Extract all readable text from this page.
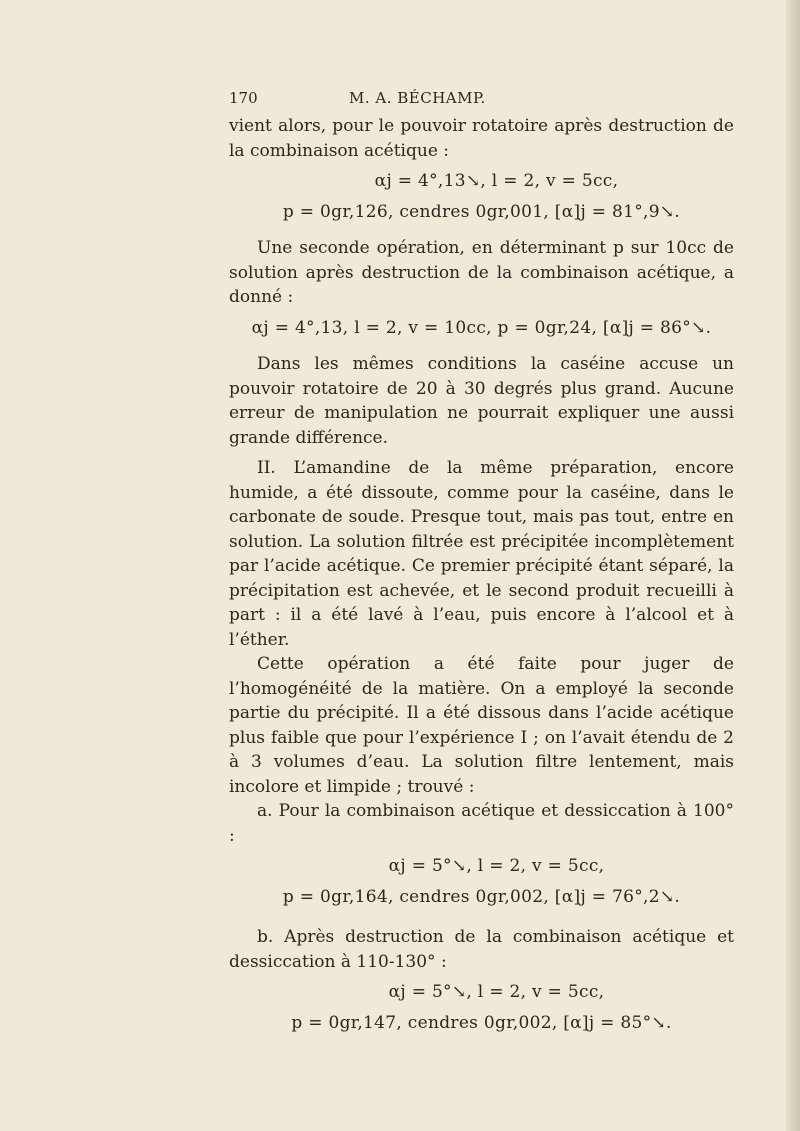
170	M. A. BÉCHAMP.

vient alors, pour le pouvoir rotatoire après destruction de la combinaison acétique :

αj = 4°,13↘, l = 2, v = 5cc,
p = 0gr,126, cendres 0gr,001, [α]j = 81°,9↘.

Une seconde opération, en déterminant p sur 10cc de solution après destruction de la combinaison acétique, a donné :

αj = 4°,13, l = 2, v = 10cc, p = 0gr,24, [α]j = 86°↘.

Dans les mêmes conditions la caséine accuse un pouvoir rotatoire de 20 à 30 degrés plus grand. Aucune erreur de manipulation ne pourrait expliquer une aussi grande différence.

II. L’amandine de la même préparation, encore humide, a été dissoute, comme pour la caséine, dans le carbonate de soude. Presque tout, mais pas tout, entre en solution. La solution filtrée est précipitée incomplètement par l’acide acétique. Ce premier précipité étant séparé, la précipitation est achevée, et le second produit recueilli à part : il a été lavé à l’eau, puis encore à l’alcool et à l’éther.

Cette opération a été faite pour juger de l’homogénéité de la matière. On a employé la seconde partie du précipité. Il a été dissous dans l’acide acétique plus faible que pour l’expérience I ; on l’avait étendu de 2 à 3 volumes d’eau. La solution filtre lentement, mais incolore et limpide ; trouvé :

a. Pour la combinaison acétique et dessiccation à 100° :

αj = 5°↘, l = 2, v = 5cc,
p = 0gr,164, cendres 0gr,002, [α]j = 76°,2↘.

b. Après destruction de la combinaison acétique et dessiccation à 110-130° :

αj = 5°↘, l = 2, v = 5cc,
p = 0gr,147, cendres 0gr,002, [α]j = 85°↘.
